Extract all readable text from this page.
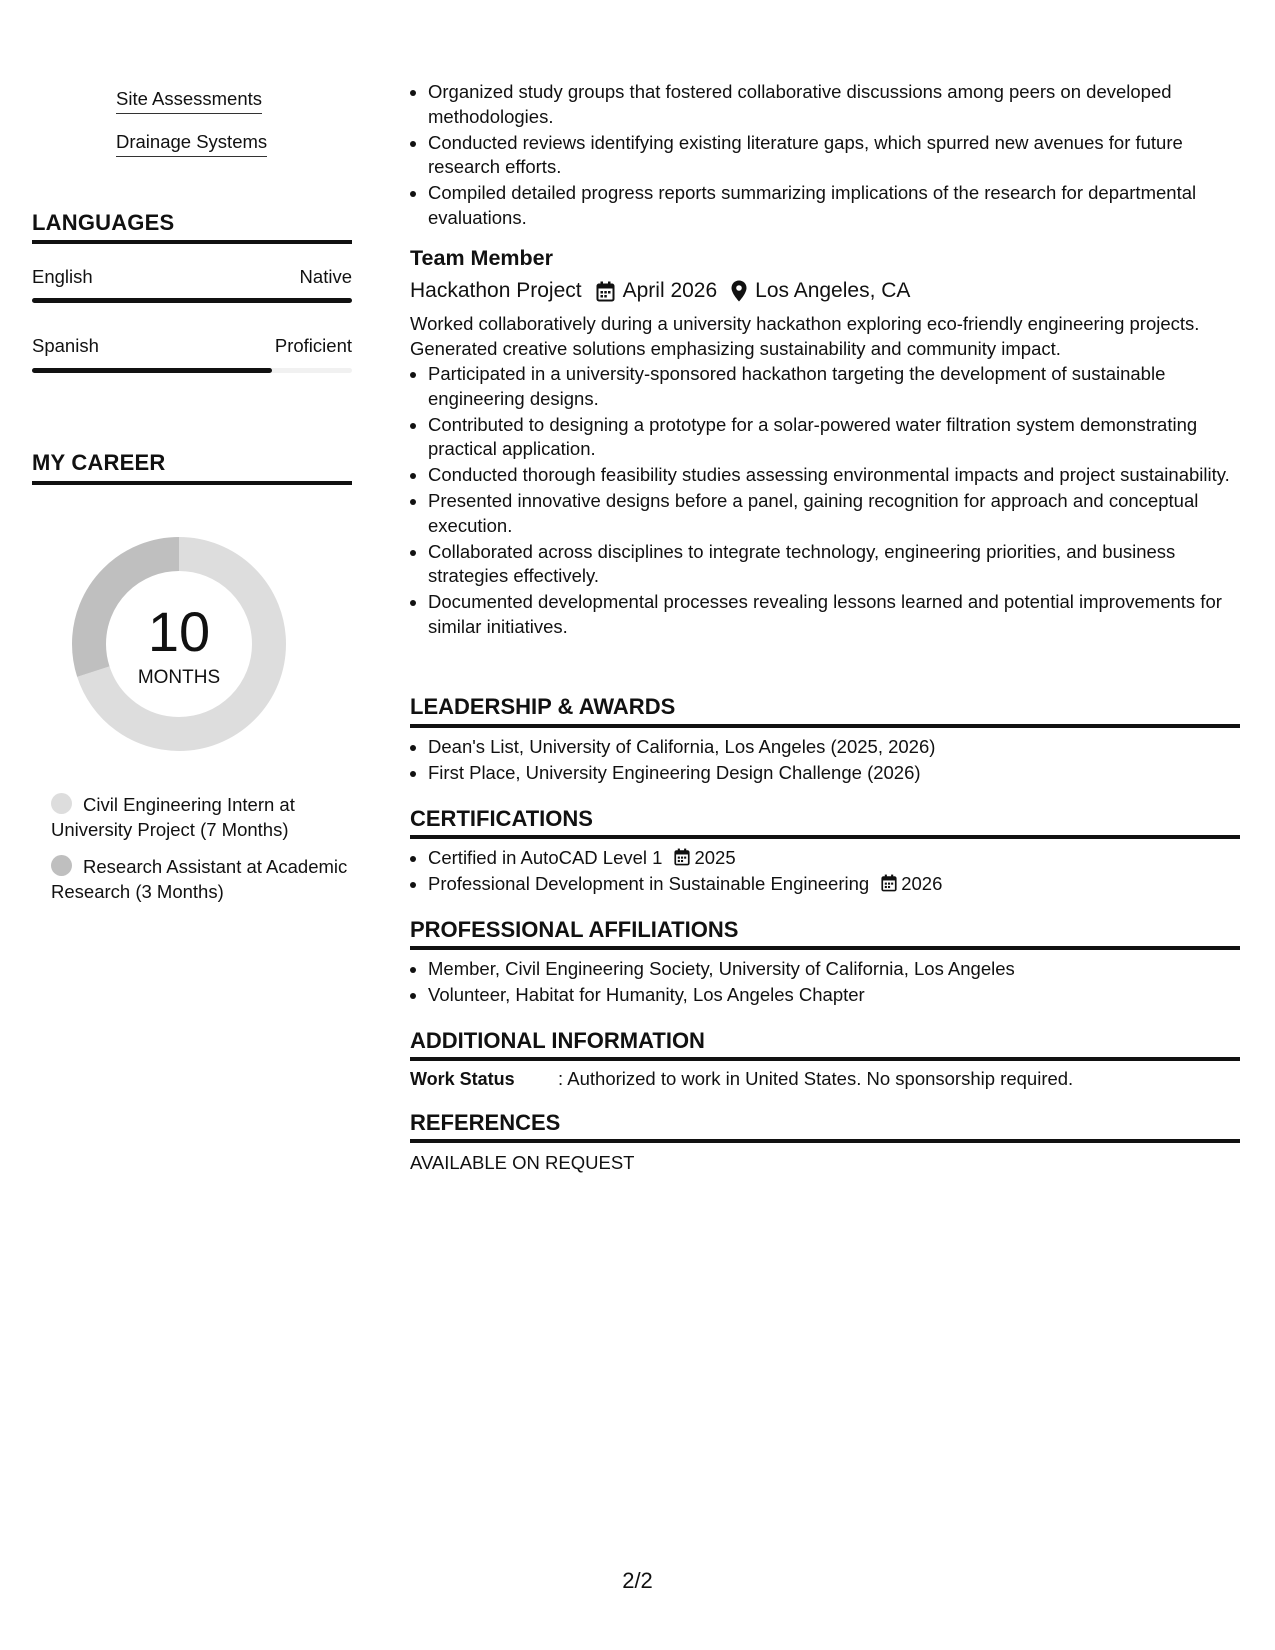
Site Assessments
Drainage Systems
LANGUAGES
English	Native
Spanish	Proficient
MY CAREER
10
MONTHS
Civil Engineering Intern at University Project (7 Months)
Research Assistant at Academic Research (3 Months)
• Organized study groups that fostered collaborative discussions among peers on developed methodologies.
• Conducted reviews identifying existing literature gaps, which spurred new avenues for future research efforts.
• Compiled detailed progress reports summarizing implications of the research for departmental evaluations.
Team Member
Hackathon Project April 2026 Los Angeles, CA
Worked collaboratively during a university hackathon exploring eco-friendly engineering projects. Generated creative solutions emphasizing sustainability and community impact.
• Participated in a university-sponsored hackathon targeting the development of sustainable engineering designs.
• Contributed to designing a prototype for a solar-powered water filtration system demonstrating practical application.
• Conducted thorough feasibility studies assessing environmental impacts and project sustainability.
• Presented innovative designs before a panel, gaining recognition for approach and conceptual execution.
• Collaborated across disciplines to integrate technology, engineering priorities, and business strategies effectively.
• Documented developmental processes revealing lessons learned and potential improvements for similar initiatives.
LEADERSHIP & AWARDS
• Dean's List, University of California, Los Angeles (2025, 2026)
• First Place, University Engineering Design Challenge (2026)
CERTIFICATIONS
• Certified in AutoCAD Level 1 2025
• Professional Development in Sustainable Engineering 2026
PROFESSIONAL AFFILIATIONS
• Member, Civil Engineering Society, University of California, Los Angeles
• Volunteer, Habitat for Humanity, Los Angeles Chapter
ADDITIONAL INFORMATION
Work Status : Authorized to work in United States. No sponsorship required.
REFERENCES
AVAILABLE ON REQUEST
2/2
